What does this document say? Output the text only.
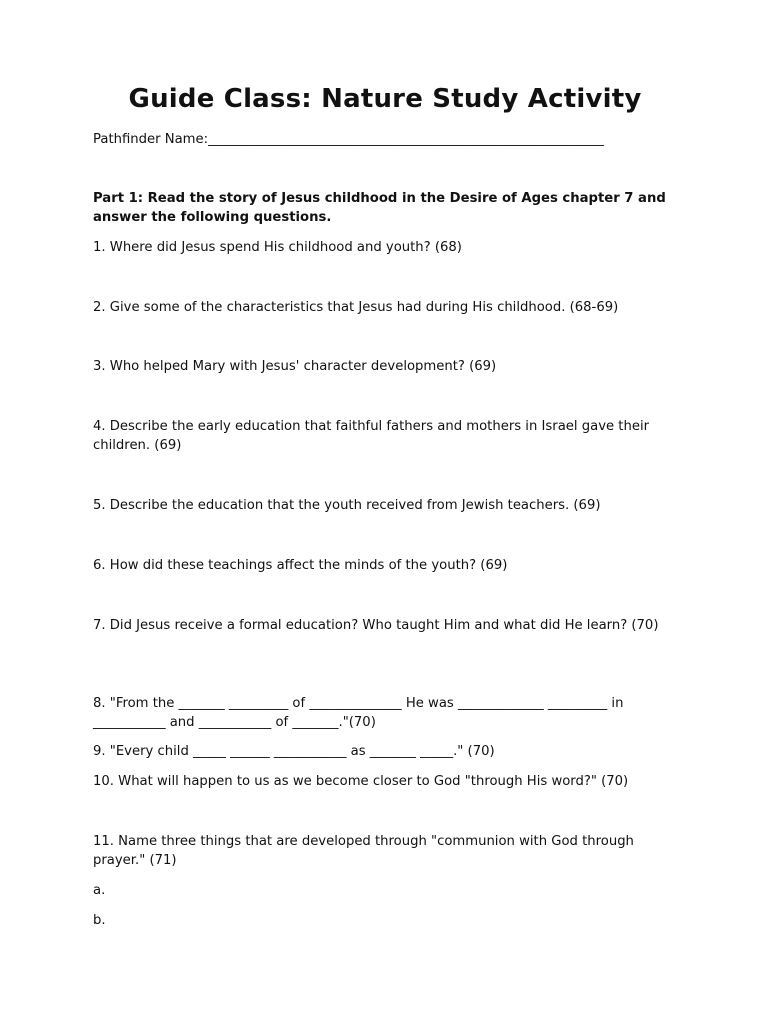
Guide Class: Nature Study Activity
Pathfinder Name:____________________________________________________________

Part 1: Read the story of Jesus childhood in the Desire of Ages chapter 7 and answer the following questions.

1. Where did Jesus spend His childhood and youth? (68)

2. Give some of the characteristics that Jesus had during His childhood. (68-69)

3. Who helped Mary with Jesus' character development? (69)

4. Describe the early education that faithful fathers and mothers in Israel gave their children. (69)

5. Describe the education that the youth received from Jewish teachers. (69)

6. How did these teachings affect the minds of the youth? (69)

7. Did Jesus receive a formal education? Who taught Him and what did He learn? (70)

8. "From the _______ _________ of ______________ He was _____________ _________ in ___________ and ___________ of _______."(70)

9. "Every child _____ ______ ___________ as _______ _____." (70)

10. What will happen to us as we become closer to God "through His word?" (70)

11. Name three things that are developed through "communion with God through prayer." (71)

a.

b.
